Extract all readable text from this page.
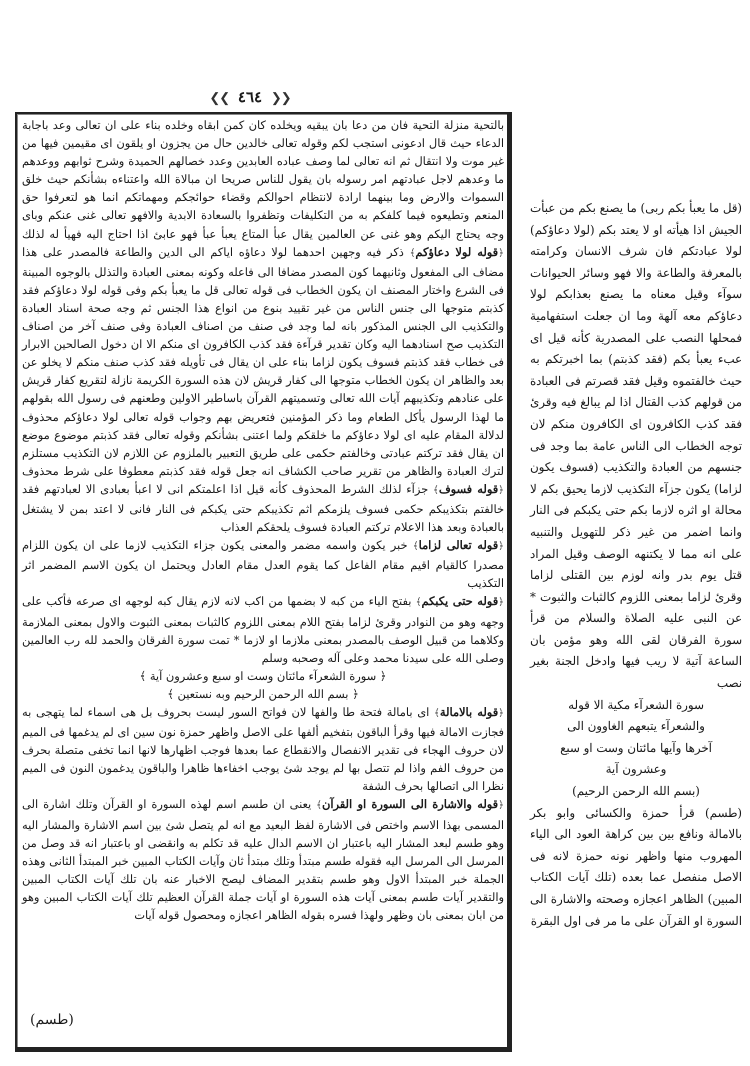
❮❮ ٤٦٤ ❯❯

بالتحية منزلة التحية فان من دعا بان يبقيه ويخلده كان كمن ابقاه وخلده بناء على ان تعالى وعد باجابة الدعاء حيث قال ادعونى استجب لكم وقوله تعالى خالدين حال من يجزون او يلقون اى مقيمين فيها من غير موت ولا انتقال ثم انه تعالى لما وصف عباده العابدين وعدد خصالهم الحميدة وشرح ثوابهم ووعدهم ما وعدهم لاجل عبادتهم امر رسوله بان يقول للناس صريحا ان مبالاة الله واعتناءه بشأنكم حيث خلق السموات والارض وما بينهما ارادة لانتظام احوالكم وقضاء حوائجكم ومهماتكم انما هو لتعرفوا حق المنعم وتطيعوه فيما كلفكم به من التكليفات وتظفروا بالسعادة الابدية والافهو تعالى غنى عنكم وباى وجه يحتاج اليكم وهو غنى عن العالمين يقال عبأ المتاع يعبأ عبأ فهو عابئ اذا احتاج اليه فهيأ له لذلك ﴿قوله لولا دعاؤكم﴾ ذكر فيه وجهين احدهما لولا دعاؤه اياكم الى الدين والطاعة فالمصدر على هذا مضاف الى المفعول وثانيهما كون المصدر مضافا الى فاعله وكونه بمعنى العبادة والتذلل بالوجوه المبينة فى الشرع واختار المصنف ان يكون الخطاب فى قوله تعالى قل ما يعبأ بكم وفى قوله لولا دعاؤكم فقد كذبتم متوجها الى جنس الناس من غير تقييد بنوع من انواع هذا الجنس ثم وجه صحة اسناد العبادة والتكذيب الى الجنس المذكور بانه لما وجد فى صنف من اصناف العبادة وفى صنف آخر من اصناف التكذيب صح اسنادهما اليه وكان تقدير قرآءة فقد كذب الكافرون اى منكم الا ان دخول الصالحين الابرار فى خطاب فقد كذبتم فسوف يكون لزاما بناء على ان يقال فى تأويله فقد كذب صنف منكم لا يخلو عن بعد والظاهر ان يكون الخطاب متوجها الى كفار قريش لان هذه السورة الكريمة نازلة لتقريع كفار قريش على عنادهم وتكذيبهم آيات الله تعالى وتسميتهم القرآن باساطير الاولين وطعنهم فى رسول الله بقولهم ما لهذا الرسول يأكل الطعام وما ذكر المؤمنين فتعريض بهم وجواب قوله تعالى لولا دعاؤكم محذوف لدلالة المقام عليه اى لولا دعاؤكم ما خلقكم ولما اعتنى بشأنكم وقوله تعالى فقد كذبتم موضوع موضع ان يقال فقد تركتم عبادتى وخالفتم حكمى على طريق التعبير بالملزوم عن اللازم لان التكذيب مستلزم لترك العبادة والظاهر من تقرير صاحب الكشاف انه جعل قوله فقد كذبتم معطوفا على شرط محذوف ﴿قوله فسوف﴾ جزآء لذلك الشرط المحذوف كأنه قيل اذا اعلمتكم انى لا اعبأ بعبادى الا لعبادتهم فقد خالفتم بتكذيبكم حكمى فسوف يلزمكم اثم تكذيبكم حتى يكبكم فى النار فانى لا اعتد بمن لا يشتغل بالعبادة وبعد هذا الاعلام تركتم العبادة فسوف يلحقكم العذاب

﴿قوله تعالى لزاما﴾ خبر يكون واسمه مضمر والمعنى يكون جزاء التكذيب لازما على ان يكون اللزام مصدرا كالقيام اقيم مقام الفاعل كما يقوم العدل مقام العادل ويحتمل ان يكون الاسم المضمر اثر التكذيب

﴿قوله حتى يكبكم﴾ بفتح الياء من كبه لا بضمها من اكب لانه لازم يقال كبه لوجهه اى صرعه فأكب على وجهه وهو من النوادر وقرئ لزاما بفتح اللام بمعنى اللزوم كالثبات بمعنى الثبوت والاول بمعنى الملازمة وكلاهما من قبيل الوصف بالمصدر بمعنى ملازما او لازما * تمت سورة الفرقان والحمد لله رب العالمين وصلى الله على سيدنا محمد وعلى آله وصحبه وسلم

﴿ سورة الشعرآء مائتان وست او سبع وعشرون آية ﴾

﴿ بسم الله الرحمن الرحيم وبه نستعين ﴾

﴿قوله بالامالة﴾ اى بامالة فتحة طا والفها لان فواتح السور ليست بحروف بل هى اسماء لما يتهجى به فجازت الامالة فيها وقرأ الباقون بتفخيم ألفها على الاصل واظهر حمزة نون سين اى لم يدغمها فى الميم لان حروف الهجاء فى تقدير الانفصال والانقطاع عما بعدها فوجب اظهارها لانها انما تخفى متصلة بحرف من حروف الفم واذا لم تتصل بها لم يوجد شئ يوجب اخفاءها ظاهرا والباقون يدغمون النون فى الميم نظرا الى اتصالها بحرف الشفة

﴿قوله والاشارة الى السورة او القرآن﴾ يعنى ان طسم اسم لهذه السورة او القرآن وتلك اشارة الى المسمى بهذا الاسم واختص فى الاشارة لفظ البعيد مع انه لم يتصل شئ بين اسم الاشارة والمشار اليه وهو طسم لبعد المشار اليه باعتبار ان الاسم الدال عليه قد تكلم به وانقضى او باعتبار انه قد وصل من المرسل الى المرسل اليه فقوله طسم مبتدأ وتلك مبتدأ ثان وآيات الكتاب المبين خبر المبتدأ الثانى وهذه الجملة خبر المبتدأ الاول وهو طسم بتقدير المضاف ليصح الاخبار عنه بان تلك آيات الكتاب المبين والتقدير آيات طسم بمعنى آيات هذه السورة او آيات جملة القرآن العظيم تلك آيات الكتاب المبين وهو من ابان بمعنى بان وظهر ولهذا فسره بقوله الظاهر اعجازه ومحصول قوله آيات

(قل ما يعبأ بكم ربى) ما يصنع بكم من عبأت الجيش اذا هيأته او لا يعتد بكم (لولا دعاؤكم) لولا عبادتكم فان شرف الانسان وكرامته بالمعرفة والطاعة والا فهو وسائر الحيوانات سوآء وقيل معناه ما يصنع بعذابكم لولا دعاؤكم معه آلهة وما ان جعلت استفهامية فمحلها النصب على المصدرية كأنه قيل اى عبء يعبأ بكم (فقد كذبتم) بما اخبرتكم به حيث خالفتموه وقيل فقد قصرتم فى العبادة من قولهم كذب القتال اذا لم يبالغ فيه وقرئ فقد كذب الكافرون اى الكافرون منكم لان توجه الخطاب الى الناس عامة بما وجد فى جنسهم من العبادة والتكذيب (فسوف يكون لزاما) يكون جزآء التكذيب لازما يحيق بكم لا محالة او اثره لازما بكم حتى يكبكم فى النار وانما اضمر من غير ذكر للتهويل والتنبيه على انه مما لا يكتنهه الوصف وقيل المراد قتل يوم بدر وانه لوزم بين القتلى لزاما وقرئ لزاما بمعنى اللزوم كالثبات والثبوت * عن النبى عليه الصلاة والسلام من قرأ سورة الفرقان لقى الله وهو مؤمن بان الساعة آتية لا ريب فيها وادخل الجنة بغير نصب

سورة الشعرآء مكية الا قوله

والشعرآء يتبعهم الغاوون الى

آخرها وآيها مائتان وست او سبع

وعشرون آية

(بسم الله الرحمن الرحيم)

(طسم) قرأ حمزة والكسائى وابو بكر بالامالة ونافع بين بين كراهة العود الى الياء المهروب منها واظهر نونه حمزة لانه فى الاصل منفصل عما بعده (تلك آيات الكتاب المبين) الظاهر اعجازه وصحته والاشارة الى السورة او القرآن على ما مر فى اول البقرة

(طسم)
